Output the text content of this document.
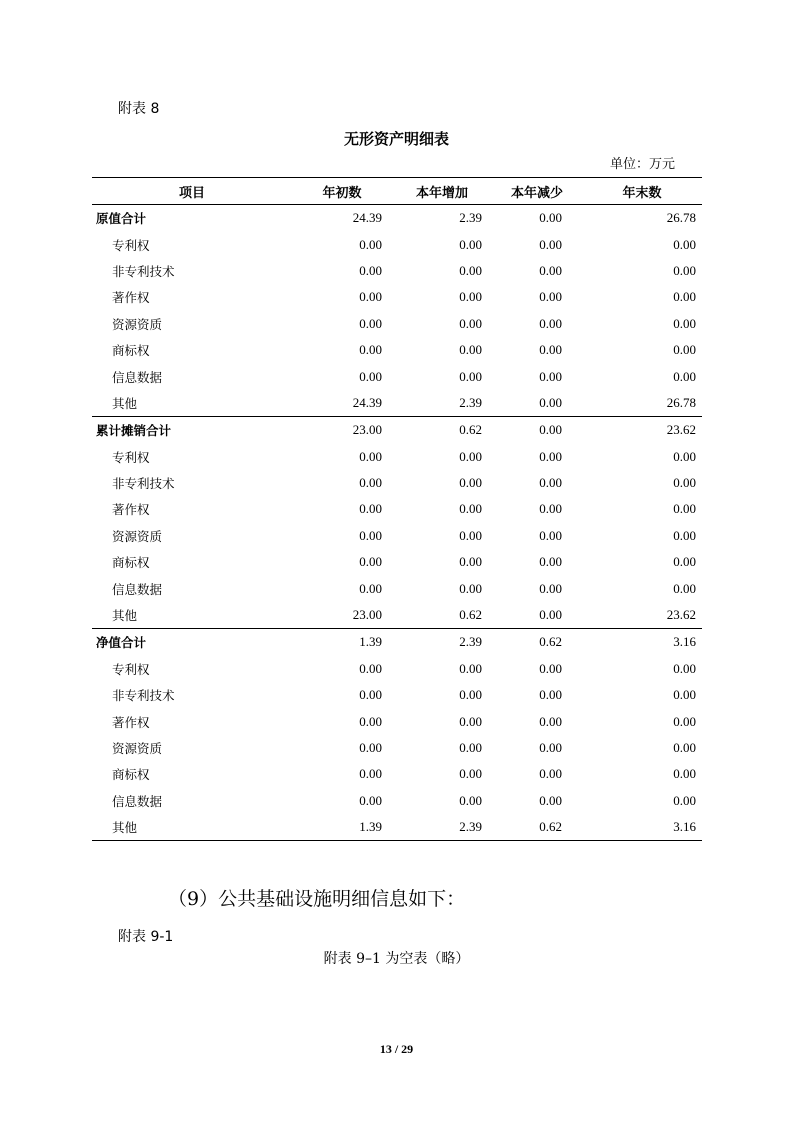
附表 8
无形资产明细表
单位：万元
项目	年初数	本年增加	本年减少	年末数
原值合计	24.39	2.39	0.00	26.78
专利权	0.00	0.00	0.00	0.00
非专利技术	0.00	0.00	0.00	0.00
著作权	0.00	0.00	0.00	0.00
资源资质	0.00	0.00	0.00	0.00
商标权	0.00	0.00	0.00	0.00
信息数据	0.00	0.00	0.00	0.00
其他	24.39	2.39	0.00	26.78
累计摊销合计	23.00	0.62	0.00	23.62
专利权	0.00	0.00	0.00	0.00
非专利技术	0.00	0.00	0.00	0.00
著作权	0.00	0.00	0.00	0.00
资源资质	0.00	0.00	0.00	0.00
商标权	0.00	0.00	0.00	0.00
信息数据	0.00	0.00	0.00	0.00
其他	23.00	0.62	0.00	23.62
净值合计	1.39	2.39	0.62	3.16
专利权	0.00	0.00	0.00	0.00
非专利技术	0.00	0.00	0.00	0.00
著作权	0.00	0.00	0.00	0.00
资源资质	0.00	0.00	0.00	0.00
商标权	0.00	0.00	0.00	0.00
信息数据	0.00	0.00	0.00	0.00
其他	1.39	2.39	0.62	3.16
（9）公共基础设施明细信息如下：
附表 9-1
附表 9–1 为空表（略）
13 / 29
